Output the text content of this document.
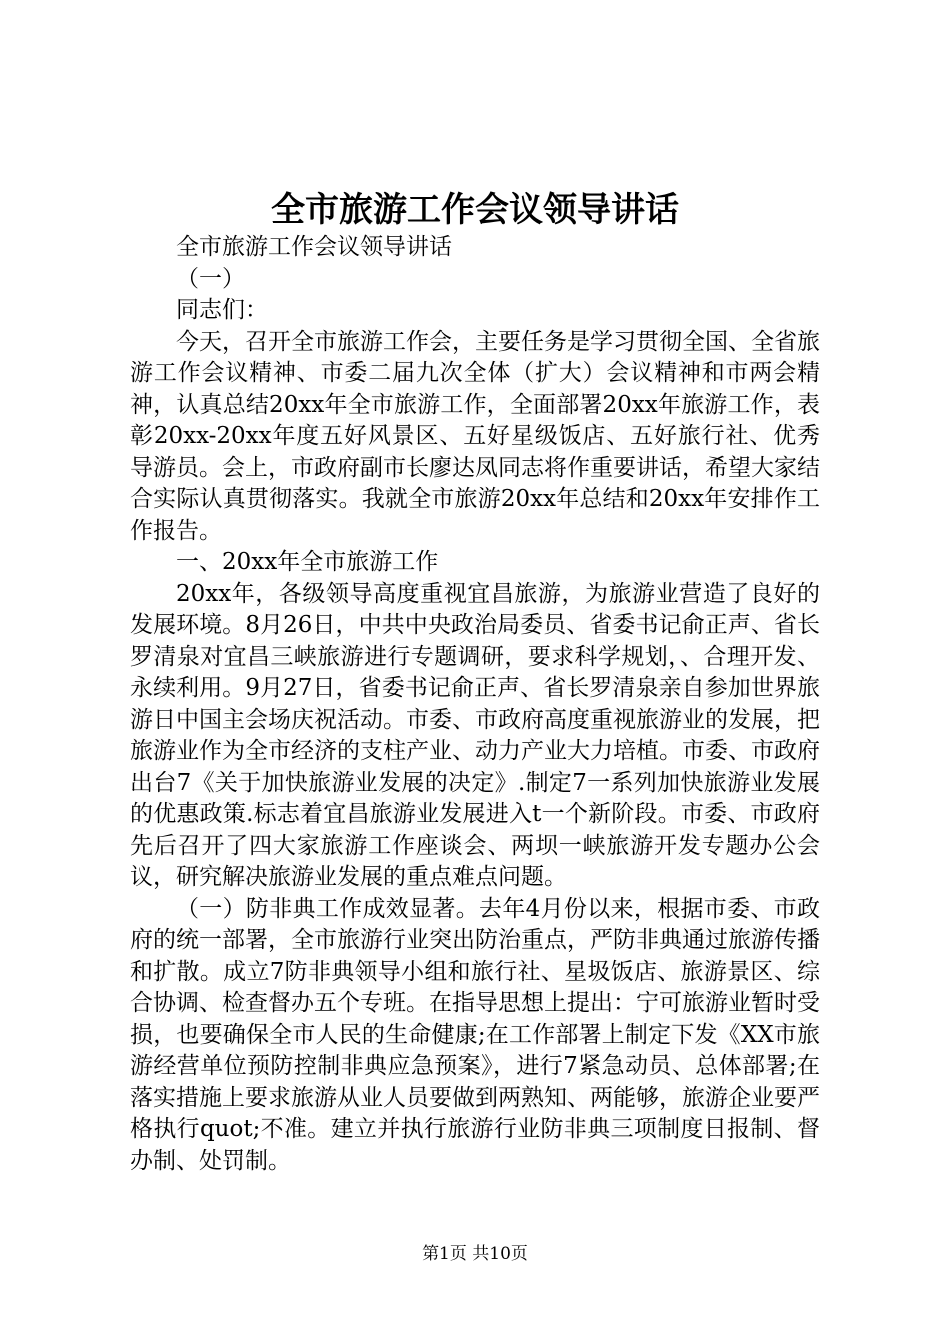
全市旅游工作会议领导讲话

全市旅游工作会议领导讲话

（一）

同志们：

今天，召开全市旅游工作会，主要任务是学习贯彻全国、全省旅游工作会议精神、市委二届九次全体（扩大）会议精神和市两会精神，认真总结20xx年全市旅游工作，全面部署20xx年旅游工作，表彰20xx-20xx年度五好风景区、五好星级饭店、五好旅行社、优秀导游员。会上，市政府副市长廖达凤同志将作重要讲话，希望大家结合实际认真贯彻落实。我就全市旅游20xx年总结和20xx年安排作工作报告。

一、20xx年全市旅游工作

20xx年，各级领导高度重视宜昌旅游，为旅游业营造了良好的发展环境。8月26日，中共中央政治局委员、省委书记俞正声、省长罗清泉对宜昌三峡旅游进行专题调研，要求科学规划，、合理开发、永续利用。9月27日，省委书记俞正声、省长罗清泉亲自参加世界旅游日中国主会场庆祝活动。市委、市政府高度重视旅游业的发展，把旅游业作为全市经济的支柱产业、动力产业大力培植。市委、市政府出台7《关于加快旅游业发展的决定》.制定7一系列加快旅游业发展的优惠政策.标志着宜昌旅游业发展进入t一个新阶段。市委、市政府先后召开了四大家旅游工作座谈会、两坝一峡旅游开发专题办公会议，研究解决旅游业发展的重点难点问题。

（一）防非典工作成效显著。去年4月份以来，根据市委、市政府的统一部署，全市旅游行业突出防治重点，严防非典通过旅游传播和扩散。成立7防非典领导小组和旅行社、星圾饭店、旅游景区、综合协调、检查督办五个专班。在指导思想上提出：宁可旅游业暂时受损，也要确保全市人民的生命健康;在工作部署上制定下发《XX市旅游经营单位预防控制非典应急预案》，进行7紧急动员、总体部署;在落实措施上要求旅游从业人员要做到两熟知、两能够，旅游企业要严格执行quot;不准。建立并执行旅游行业防非典三项制度日报制、督办制、处罚制。

第1页 共10页
